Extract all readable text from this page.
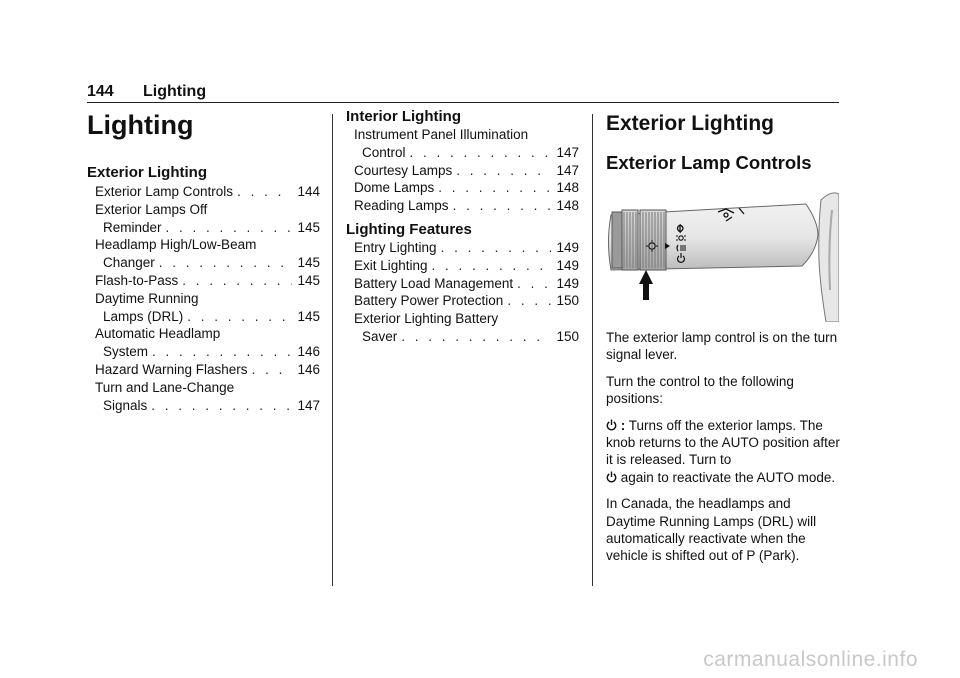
144 Lighting
Lighting
Exterior Lighting
Exterior Lamp Controls . . .	144
Exterior Lamps Off
Reminder . . .	145
Headlamp High/Low-Beam
Changer . . .	145
Flash-to-Pass . . .	145
Daytime Running
Lamps (DRL) . . .	145
Automatic Headlamp
System . . .	146
Hazard Warning Flashers . . .	146
Turn and Lane-Change
Signals . . .	147
Interior Lighting
Instrument Panel Illumination
Control . . .	147
Courtesy Lamps . . .	147
Dome Lamps . . .	148
Reading Lamps . . .	148
Lighting Features
Entry Lighting . . .	149
Exit Lighting . . .	149
Battery Load Management . . .	149
Battery Power Protection . . .	150
Exterior Lighting Battery
Saver . . .	150
Exterior Lighting
Exterior Lamp Controls

The exterior lamp control is on the turn signal lever.

Turn the control to the following positions:

: Turns off the exterior lamps. The knob returns to the AUTO position after it is released. Turn to
again to reactivate the AUTO mode.

In Canada, the headlamps and Daytime Running Lamps (DRL) will automatically reactivate when the vehicle is shifted out of P (Park).

carmanualsonline.info
